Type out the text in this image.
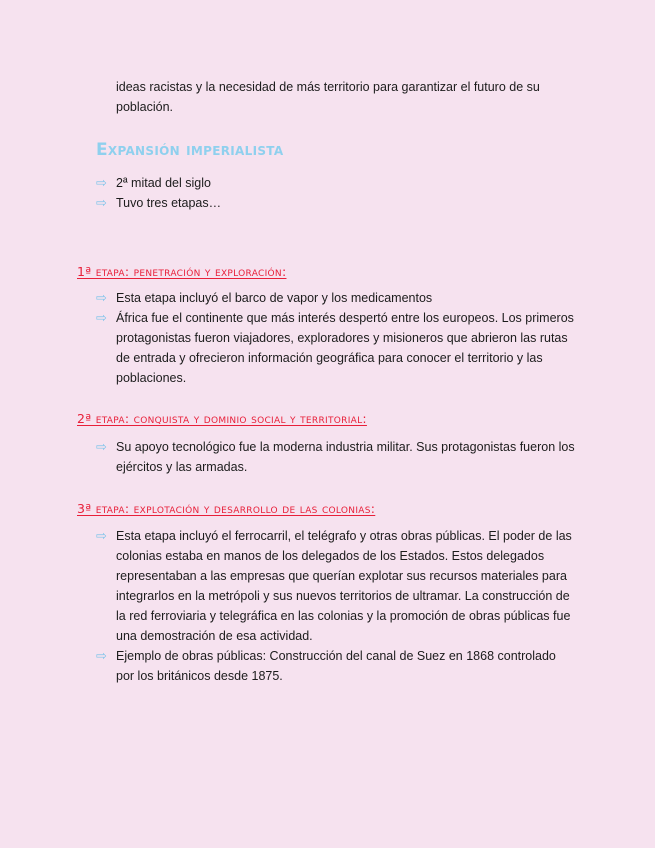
ideas racistas y la necesidad de más territorio para garantizar el futuro de su población.
Expansión imperialista
⇨ 2ª mitad del siglo
⇨ Tuvo tres etapas…
1ª etapa: penetración y exploración:
⇨ Esta etapa incluyó el barco de vapor y los medicamentos
⇨ África fue el continente que más interés despertó entre los europeos. Los primeros protagonistas fueron viajadores, exploradores y misioneros que abrieron las rutas de entrada y ofrecieron información geográfica para conocer el territorio y las poblaciones.
2ª etapa: conquista y dominio social y territorial:
⇨ Su apoyo tecnológico fue la moderna industria militar. Sus protagonistas fueron los ejércitos y las armadas.
3ª etapa: explotación y desarrollo de las colonias:
⇨ Esta etapa incluyó el ferrocarril, el telégrafo y otras obras públicas. El poder de las colonias estaba en manos de los delegados de los Estados. Estos delegados representaban a las empresas que querían explotar sus recursos materiales para integrarlos en la metrópoli y sus nuevos territorios de ultramar. La construcción de la red ferroviaria y telegráfica en las colonias y la promoción de obras públicas fue una demostración de esa actividad.
⇨ Ejemplo de obras públicas: Construcción del canal de Suez en 1868 controlado por los británicos desde 1875.
